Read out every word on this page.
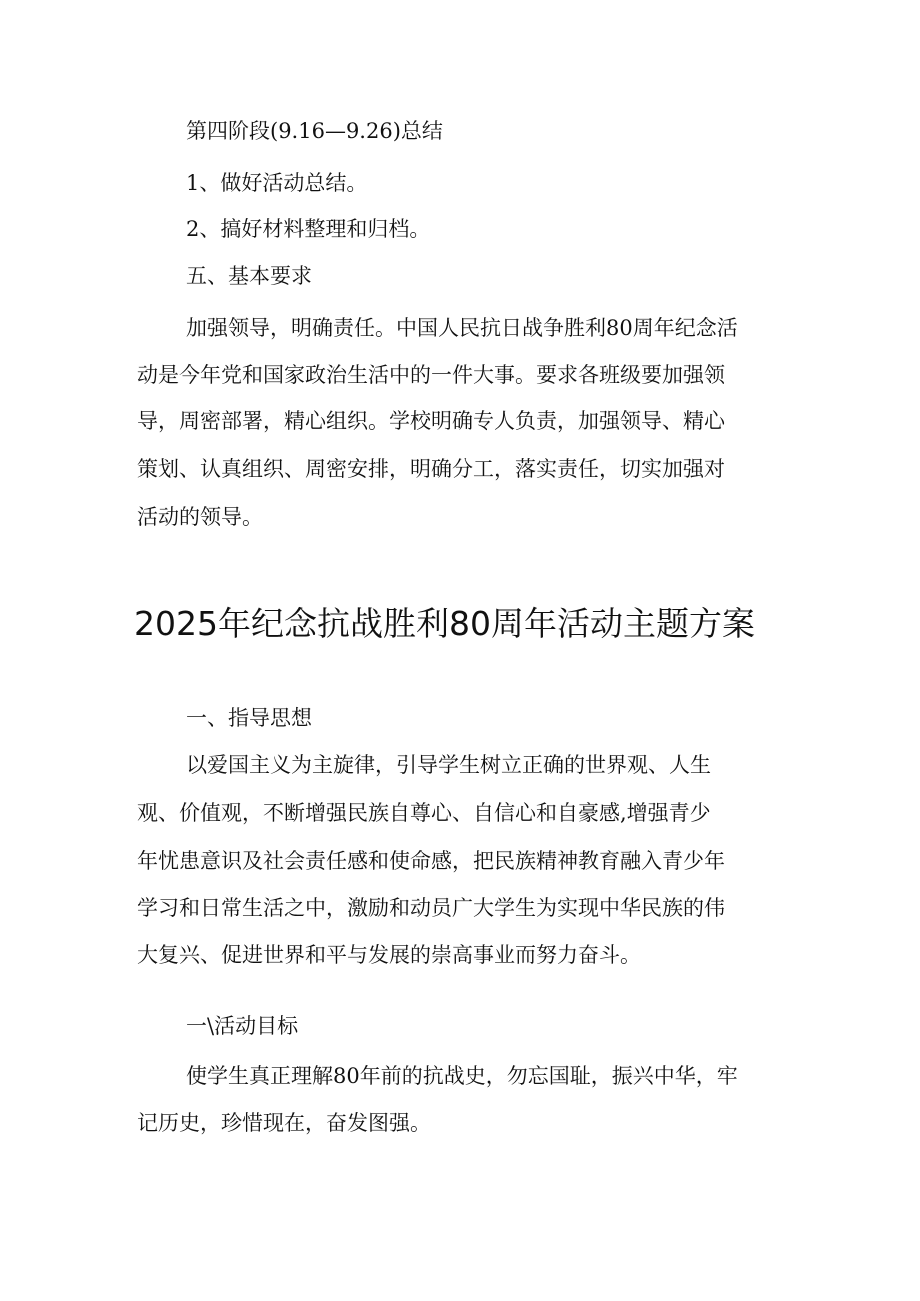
第四阶段(9.16—9.26)总结
1、做好活动总结。
2、搞好材料整理和归档。
五、基本要求
加强领导，明确责任。中国人民抗日战争胜利80周年纪念活
动是今年党和国家政治生活中的一件大事。要求各班级要加强领
导，周密部署，精心组织。学校明确专人负责，加强领导、精心
策划、认真组织、周密安排，明确分工，落实责任，切实加强对
活动的领导。
2025年纪念抗战胜利80周年活动主题方案
一、指导思想
以爱国主义为主旋律，引导学生树立正确的世界观、人生
观、价值观，不断增强民族自尊心、自信心和自豪感,增强青少
年忧患意识及社会责任感和使命感，把民族精神教育融入青少年
学习和日常生活之中，激励和动员广大学生为实现中华民族的伟
大复兴、促进世界和平与发展的崇高事业而努力奋斗。
一\活动目标
使学生真正理解80年前的抗战史，勿忘国耻，振兴中华，牢
记历史，珍惜现在，奋发图强。
